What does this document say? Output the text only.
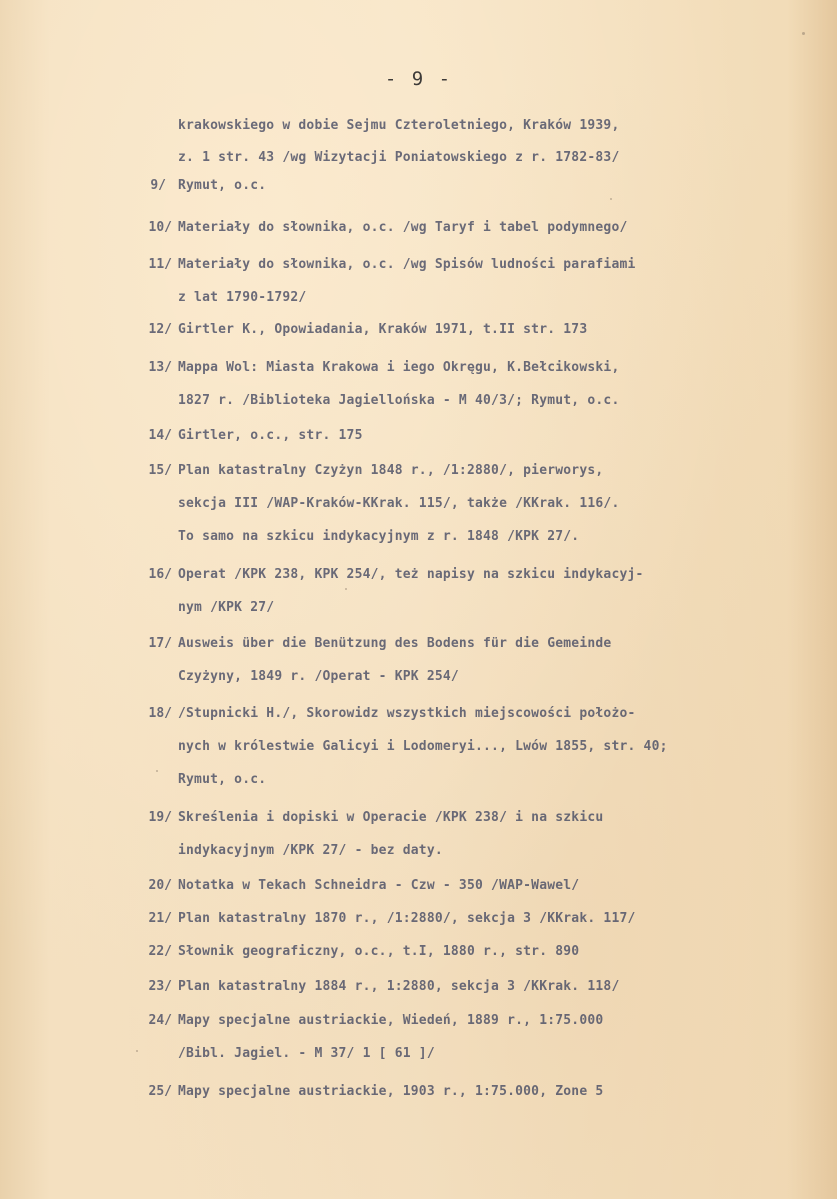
- 9 -
krakowskiego w dobie Sejmu Czteroletniego, Kraków 1939,
z. 1 str. 43 /wg Wizytacji Poniatowskiego z r. 1782-83/
9/ Rymut, o.c.
10/ Materiały do słownika, o.c. /wg Taryf i tabel podymnego/
11/ Materiały do słownika, o.c. /wg Spisów ludności parafiami
z lat 1790-1792/
12/ Girtler K., Opowiadania, Kraków 1971, t.II str. 173
13/ Mappa Wol: Miasta Krakowa i iego Okręgu, K.Bełcikowski,
1827 r. /Biblioteka Jagiellońska - M 40/3/; Rymut, o.c.
14/ Girtler, o.c., str. 175
15/ Plan katastralny Czyżyn 1848 r., /1:2880/, pierworys,
sekcja III /WAP-Kraków-KKrak. 115/, także /KKrak. 116/.
To samo na szkicu indykacyjnym z r. 1848 /KPK 27/.
16/ Operat /KPK 238, KPK 254/, też napisy na szkicu indykacyj-
nym /KPK 27/
17/ Ausweis über die Benützung des Bodens für die Gemeinde
Czyżyny, 1849 r. /Operat - KPK 254/
18/ /Stupnicki H./, Skorowidz wszystkich miejscowości położo-
nych w królestwie Galicyi i Lodomeryi..., Lwów 1855, str. 40;
Rymut, o.c.
19/ Skreślenia i dopiski w Operacie /KPK 238/ i na szkicu
indykacyjnym /KPK 27/ - bez daty.
20/ Notatka w Tekach Schneidra - Czw - 350 /WAP-Wawel/
21/ Plan katastralny 1870 r., /1:2880/, sekcja 3 /KKrak. 117/
22/ Słownik geograficzny, o.c., t.I, 1880 r., str. 890
23/ Plan katastralny 1884 r., 1:2880, sekcja 3 /KKrak. 118/
24/ Mapy specjalne austriackie, Wiedeń, 1889 r., 1:75.000
/Bibl. Jagiel. - M 37/ 1 [ 61 ]/
25/ Mapy specjalne austriackie, 1903 r., 1:75.000, Zone 5
